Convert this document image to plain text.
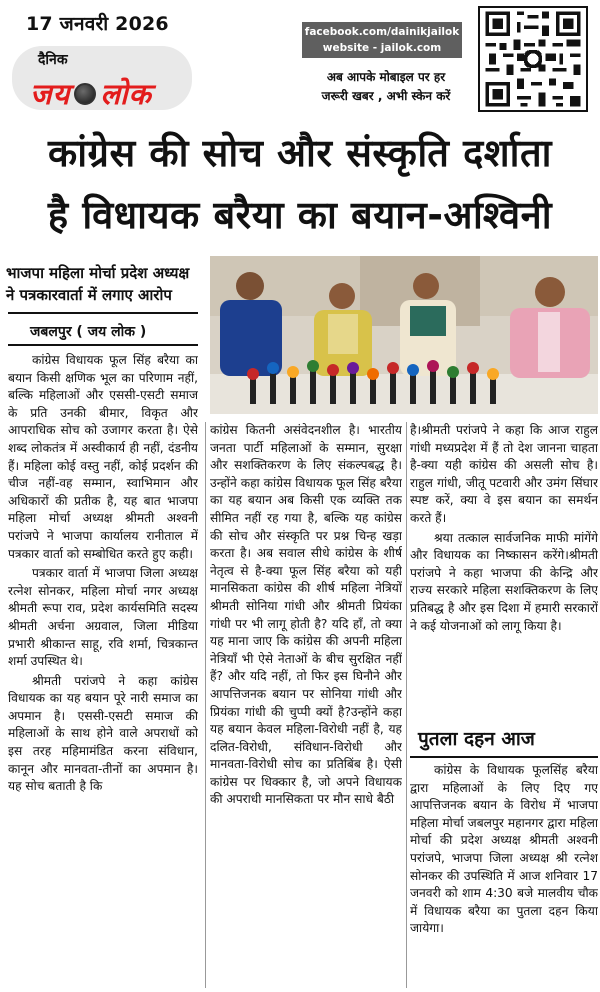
17 जनवरी 2026
दैनिक
जय लोक
facebook.com/dainikjailok
website - jailok.com
अब आपके मोबाइल पर हर
जरूरी खबर , अभी स्केन करें
कांग्रेस की सोच और संस्कृति दर्शाता
है विधायक बरैया का बयान-अश्विनी
भाजपा महिला मोर्चा प्रदेश अध्यक्ष ने पत्रकारवार्ता में लगाए आरोप
जबलपुर ( जय लोक )

कांग्रेस विधायक फूल सिंह बरैया का बयान किसी क्षणिक भूल का परिणाम नहीं, बल्कि महिलाओं और एससी-एसटी समाज के प्रति उनकी बीमार, विकृत और आपराधिक सोच को उजागर करता है। ऐसे शब्द लोकतंत्र में अस्वीकार्य ही नहीं, दंडनीय हैं। महिला कोई वस्तु नहीं, कोई प्रदर्शन की चीज नहीं-वह सम्मान, स्वाभिमान और अधिकारों की प्रतीक है, यह बात भाजपा महिला मोर्चा अध्यक्ष श्रीमती अश्वनी परांजपे ने भाजपा कार्यालय रानीताल में पत्रकार वार्ता को सम्बोधित करते हुए कही।

पत्रकार वार्ता में भाजपा जिला अध्यक्ष रत्नेश सोनकर, महिला मोर्चा नगर अध्यक्ष श्रीमती रूपा राव, प्रदेश कार्यसमिति सदस्य श्रीमती अर्चना अग्रवाल, जिला मीडिया प्रभारी श्रीकान्त साहू, रवि शर्मा, चित्रकान्त शर्मा उपस्थित थे।

श्रीमती परांजपे ने कहा कांग्रेस विधायक का यह बयान पूरे नारी समाज का अपमान है। एससी-एसटी समाज की महिलाओं के साथ होने वाले अपराधों को इस तरह महिमामंडित करना संविधान, कानून और मानवता-तीनों का अपमान है। यह सोच बताती है कि

कांग्रेस कितनी असंवेदनशील है। भारतीय जनता पार्टी महिलाओं के सम्मान, सुरक्षा और सशक्तिकरण के लिए संकल्पबद्ध है। उन्होंने कहा कांग्रेस विधायक फूल सिंह बरैया का यह बयान अब किसी एक व्यक्ति तक सीमित नहीं रह गया है, बल्कि यह कांग्रेस की सोच और संस्कृति पर प्रश्न चिन्ह खड़ा करता है। अब सवाल सीधे कांग्रेस के शीर्ष नेतृत्व से है-क्या फूल सिंह बरैया को यही मानसिकता कांग्रेस की शीर्ष महिला नेत्रियों श्रीमती सोनिया गांधी और श्रीमती प्रियंका गांधी पर भी लागू होती है? यदि हाँ, तो क्या यह माना जाए कि कांग्रेस की अपनी महिला नेत्रियाँ भी ऐसे नेताओं के बीच सुरक्षित नहीं हैं? और यदि नहीं, तो फिर इस घिनौने और आपत्तिजनक बयान पर सोनिया गांधी और प्रियंका गांधी की चुप्पी क्यों है?उन्होंने कहा यह बयान केवल महिला-विरोधी नहीं है, यह दलित-विरोधी, संविधान-विरोधी और मानवता-विरोधी सोच का प्रतिबिंब है। ऐसी कांग्रेस पर धिक्कार है, जो अपने विधायक की अपराधी मानसिकता पर मौन साधे बैठी

है।श्रीमती परांजपे ने कहा कि आज राहुल गांधी मध्यप्रदेश में हैं तो देश जानना चाहता है-क्या यही कांग्रेस की असली सोच है। राहुल गांधी, जीतू पटवारी और उमंग सिंघार स्पष्ट करें, क्या वे इस बयान का समर्थन करते हैं।

श्रया तत्काल सार्वजनिक माफी मांगेंगे और विधायक का निष्कासन करेंगे।श्रीमती परांजपे ने कहा भाजपा की केन्द्रि और राज्य सरकारे महिला सशक्तिकरण के लिए प्रतिबद्ध है और इस दिशा में हमारी सरकारों ने कई योजनाओं को लागू किया है।

पुतला दहन आज

कांग्रेस के विधायक फूलसिंह बरैया द्वारा महिलाओं के लिए दिए गए आपत्तिजनक बयान के विरोध में भाजपा महिला मोर्चा जबलपुर महानगर द्वारा महिला मोर्चा की प्रदेश अध्यक्ष श्रीमती अश्वनी परांजपे, भाजपा जिला अध्यक्ष श्री रत्नेश सोनकर की उपस्थिति में आज शनिवार 17 जनवरी को शाम 4:30 बजे मालवीय चौक में विधायक बरैया का पुतला दहन किया जायेगा।
